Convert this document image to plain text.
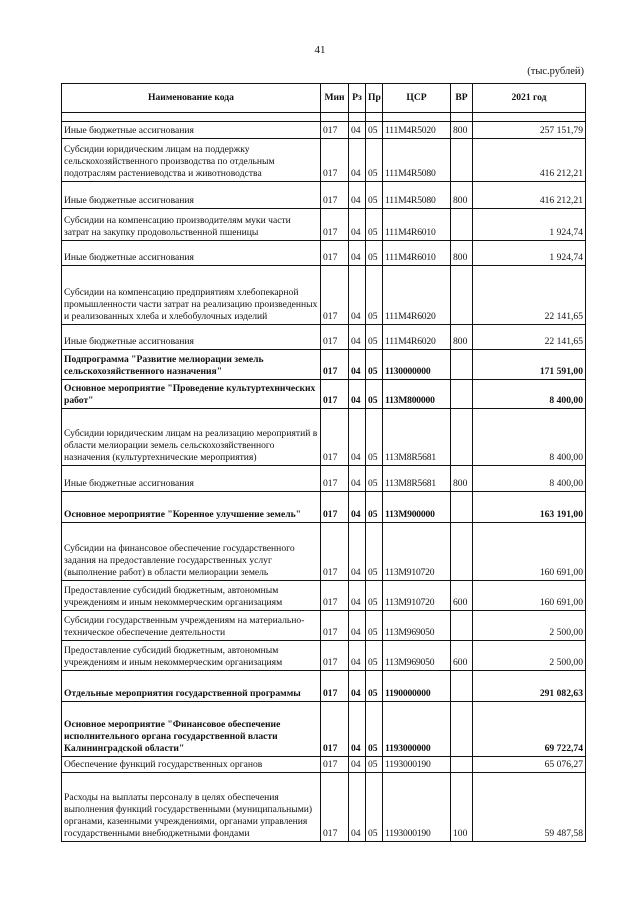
41
(тыс.рублей)
Наименование кода	Мин	Рз	Пр	ЦСР	ВР	2021 год

Иные бюджетные ассигнования	017	04	05	111M4R5020	800	257 151,79
Субсидии юридическим лицам на поддержку сельскохозяйственного производства по отдельным подотраслям растениеводства и животноводства	017	04	05	111M4R5080		416 212,21
Иные бюджетные ассигнования	017	04	05	111M4R5080	800	416 212,21
Субсидии на компенсацию производителям муки части затрат на закупку продовольственной пшеницы	017	04	05	111M4R6010		1 924,74
Иные бюджетные ассигнования	017	04	05	111M4R6010	800	1 924,74
Субсидии на компенсацию предприятиям хлебопекарной промышленности части затрат на реализацию произведенных и реализованных хлеба и хлебобулочных изделий	017	04	05	111M4R6020		22 141,65
Иные бюджетные ассигнования	017	04	05	111M4R6020	800	22 141,65
Подпрограмма "Развитие мелиорации земель сельскохозяйственного назначения"	017	04	05	1130000000		171 591,00
Основное мероприятие "Проведение культуртехнических работ"	017	04	05	113M800000		8 400,00
Субсидии юридическим лицам на реализацию мероприятий в области мелиорации земель сельскохозяйственного назначения (культуртехнические мероприятия)	017	04	05	113M8R5681		8 400,00
Иные бюджетные ассигнования	017	04	05	113M8R5681	800	8 400,00
Основное мероприятие "Коренное улучшение земель"	017	04	05	113M900000		163 191,00
Субсидии на финансовое обеспечение государственного задания на предоставление государственных услуг (выполнение работ) в области мелиорации земель	017	04	05	113M910720		160 691,00
Предоставление субсидий бюджетным, автономным учреждениям и иным некоммерческим организациям	017	04	05	113M910720	600	160 691,00
Субсидии государственным учреждениям на материально-техническое обеспечение деятельности	017	04	05	113M969050		2 500,00
Предоставление субсидий бюджетным, автономным учреждениям и иным некоммерческим организациям	017	04	05	113M969050	600	2 500,00
Отдельные мероприятия государственной программы	017	04	05	1190000000		291 082,63
Основное мероприятие "Финансовое обеспечение исполнительного органа государственной власти Калининградской области"	017	04	05	1193000000		69 722,74
Обеспечение функций государственных органов	017	04	05	1193000190		65 076,27
Расходы на выплаты персоналу в целях обеспечения выполнения функций государственными (муниципальными) органами, казенными учреждениями, органами управления государственными внебюджетными фондами	017	04	05	1193000190	100	59 487,58
